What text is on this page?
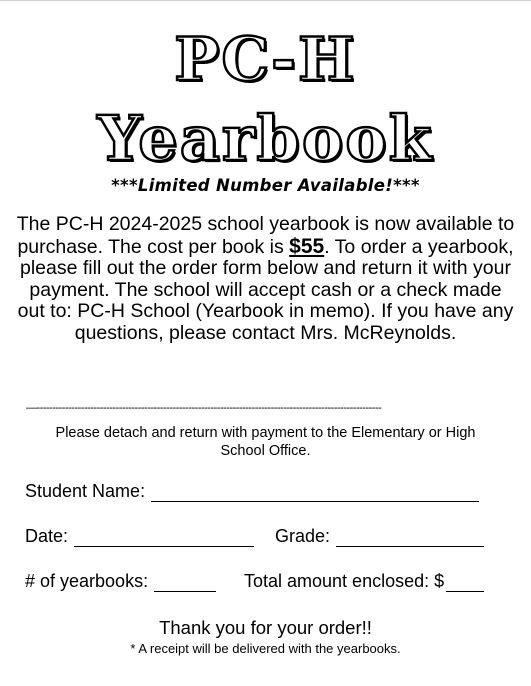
PC-H
Yearbook
***Limited Number Available!***
The PC-H 2024-2025 school yearbook is now available to purchase. The cost per book is $55. To order a yearbook, please fill out the order form below and return it with your payment. The school will accept cash or a check made out to: PC-H School (Yearbook in memo). If you have any questions, please contact Mrs. McReynolds.
—-------------------------------------------------------------------------------------------------------------
Please detach and return with payment to the Elementary or High School Office.
Student Name:
Date:	Grade:
# of yearbooks:	Total amount enclosed: $
Thank you for your order!!
* A receipt will be delivered with the yearbooks.
